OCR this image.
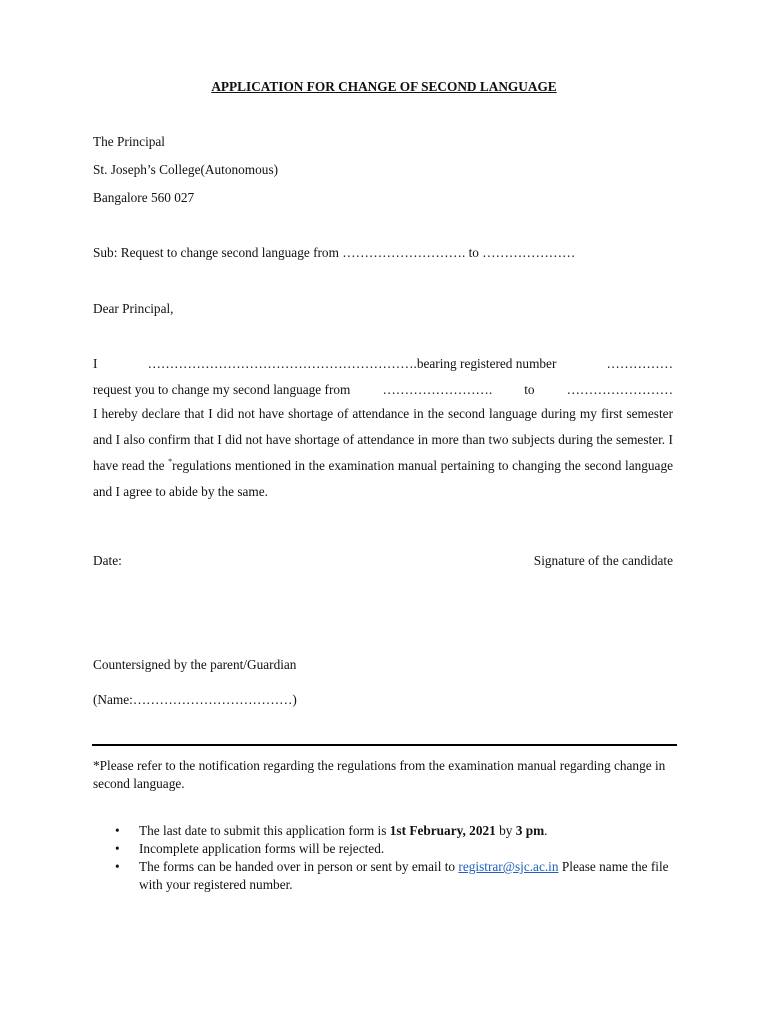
APPLICATION FOR CHANGE OF SECOND LANGUAGE
The Principal
St. Joseph’s College(Autonomous)
Bangalore 560 027
Sub: Request to change second language from ………………………. to …………………
Dear Principal,
I	…………………………………………………….bearing registered number	……………
request you to change my second language from ……………………. to ……………………
I hereby declare that I did not have shortage of attendance in the second language during my first semester and I also confirm that I did not have shortage of attendance in more than two subjects during the semester. I have read the *regulations mentioned in the examination manual pertaining to changing the second language and I agree to abide by the same.
Date:	Signature of the candidate
Countersigned by the parent/Guardian
(Name:………………………………)
*Please refer to the notification regarding the regulations from the examination manual regarding change in second language.
• The last date to submit this application form is 1st February, 2021 by 3 pm.
• Incomplete application forms will be rejected.
• The forms can be handed over in person or sent by email to registrar@sjc.ac.in Please name the file with your registered number.
